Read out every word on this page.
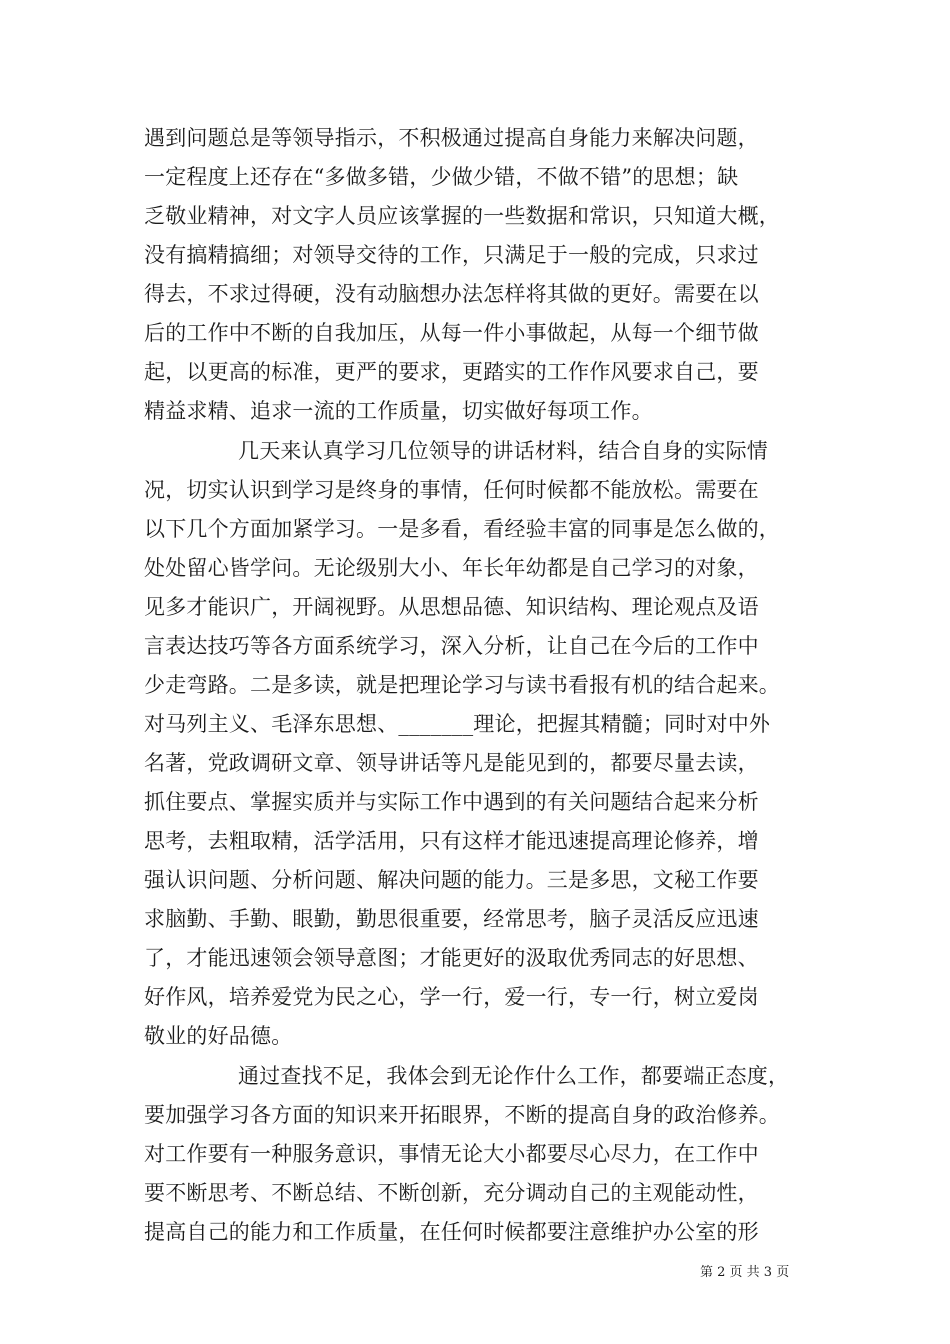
遇到问题总是等领导指示，不积极通过提高自身能力来解决问题，
一定程度上还存在“多做多错，少做少错，不做不错”的思想；缺
乏敬业精神，对文字人员应该掌握的一些数据和常识，只知道大概，
没有搞精搞细；对领导交待的工作，只满足于一般的完成，只求过
得去，不求过得硬，没有动脑想办法怎样将其做的更好。需要在以
后的工作中不断的自我加压，从每一件小事做起，从每一个细节做
起，以更高的标准，更严的要求，更踏实的工作作风要求自己，要
精益求精、追求一流的工作质量，切实做好每项工作。
几天来认真学习几位领导的讲话材料，结合自身的实际情
况，切实认识到学习是终身的事情，任何时候都不能放松。需要在
以下几个方面加紧学习。一是多看，看经验丰富的同事是怎么做的，
处处留心皆学问。无论级别大小、年长年幼都是自己学习的对象，
见多才能识广，开阔视野。从思想品德、知识结构、理论观点及语
言表达技巧等各方面系统学习，深入分析，让自己在今后的工作中
少走弯路。二是多读，就是把理论学习与读书看报有机的结合起来。
对马列主义、毛泽东思想、_______理论，把握其精髓；同时对中外
名著，党政调研文章、领导讲话等凡是能见到的，都要尽量去读，
抓住要点、掌握实质并与实际工作中遇到的有关问题结合起来分析
思考，去粗取精，活学活用，只有这样才能迅速提高理论修养，增
强认识问题、分析问题、解决问题的能力。三是多思，文秘工作要
求脑勤、手勤、眼勤，勤思很重要，经常思考，脑子灵活反应迅速
了，才能迅速领会领导意图；才能更好的汲取优秀同志的好思想、
好作风，培养爱党为民之心，学一行，爱一行，专一行，树立爱岗
敬业的好品德。
通过查找不足，我体会到无论作什么工作，都要端正态度，
要加强学习各方面的知识来开拓眼界，不断的提高自身的政治修养。
对工作要有一种服务意识，事情无论大小都要尽心尽力，在工作中
要不断思考、不断总结、不断创新，充分调动自己的主观能动性，
提高自己的能力和工作质量，在任何时候都要注意维护办公室的形
第 2 页 共 3 页
